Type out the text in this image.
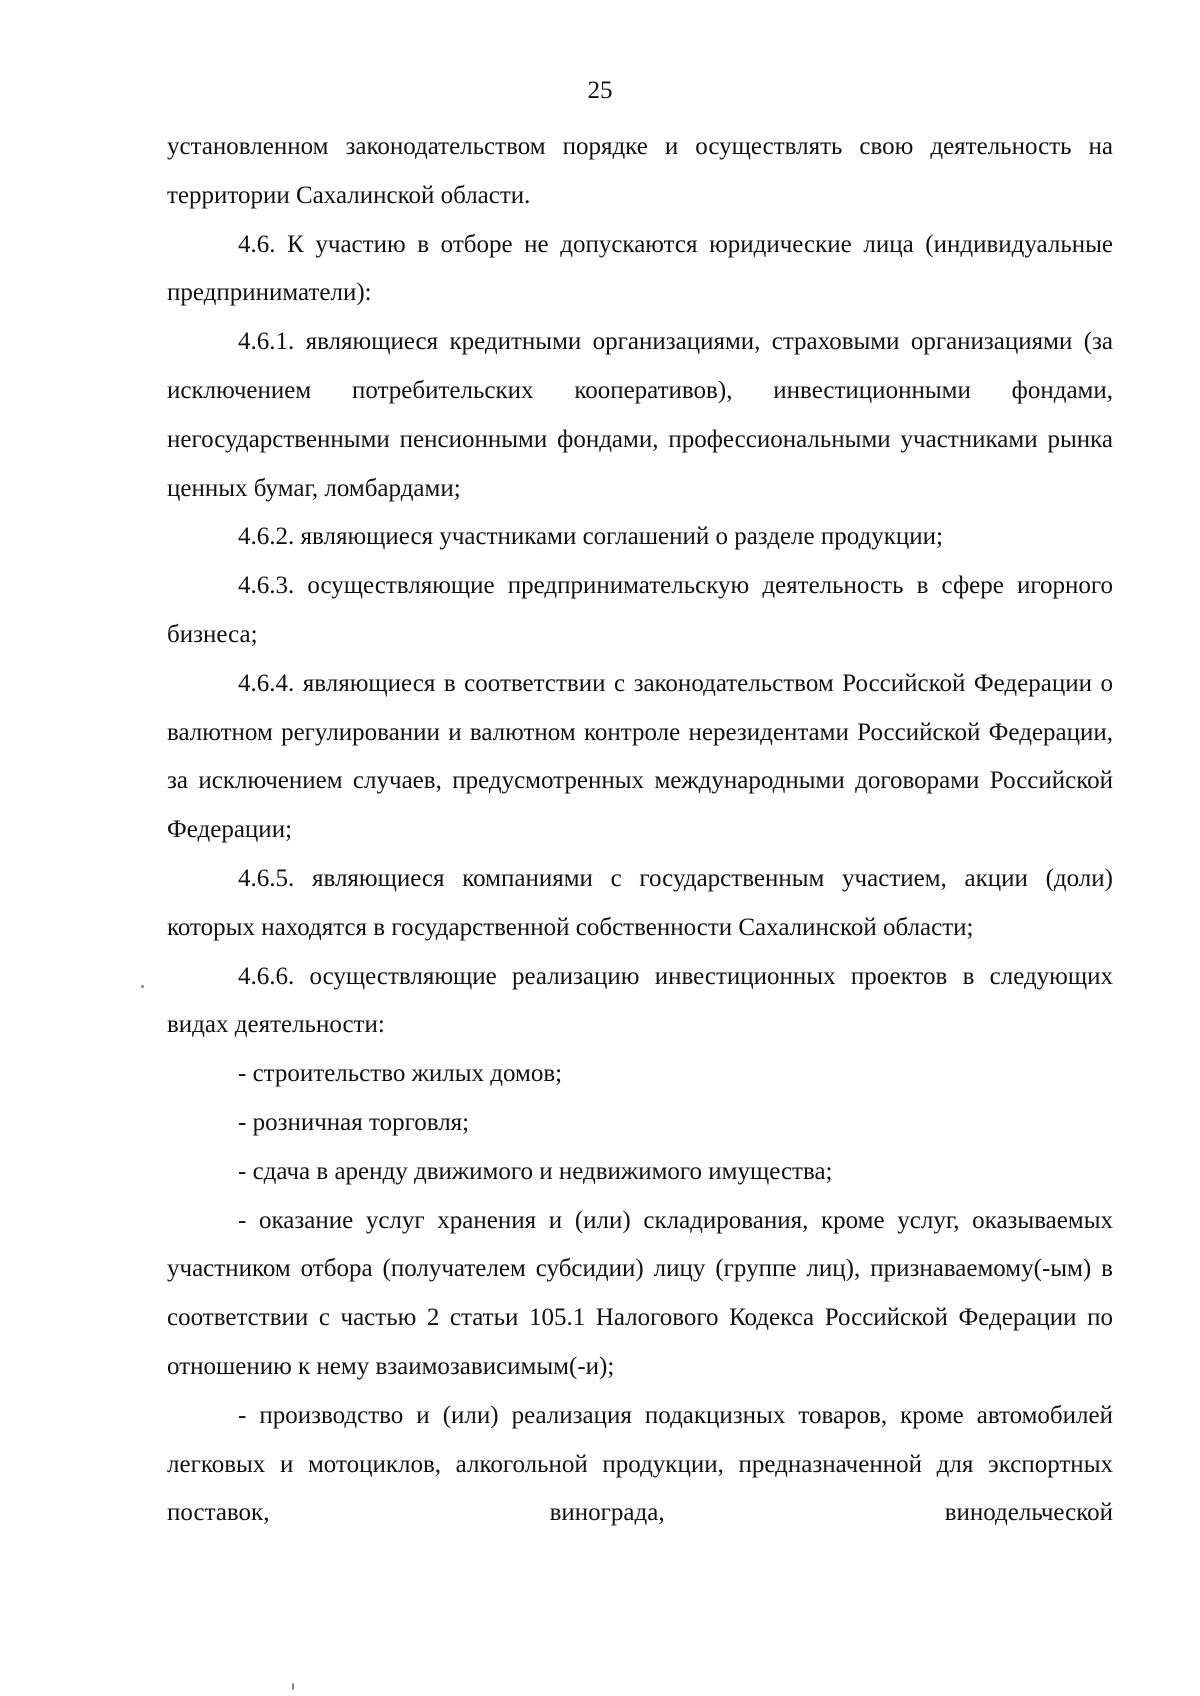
25

установленном законодательством порядке и осуществлять свою деятельность на территории Сахалинской области.

4.6. К участию в отборе не допускаются юридические лица (индивидуальные предприниматели):

4.6.1. являющиеся кредитными организациями, страховыми организациями (за исключением потребительских кооперативов), инвестиционными фондами, негосударственными пенсионными фондами, профессиональными участниками рынка ценных бумаг, ломбардами;

4.6.2. являющиеся участниками соглашений о разделе продукции;

4.6.3. осуществляющие предпринимательскую деятельность в сфере игорного бизнеса;

4.6.4. являющиеся в соответствии с законодательством Российской Федерации о валютном регулировании и валютном контроле нерезидентами Российской Федерации, за исключением случаев, предусмотренных международными договорами Российской Федерации;

4.6.5. являющиеся компаниями с государственным участием, акции (доли) которых находятся в государственной собственности Сахалинской области;

4.6.6. осуществляющие реализацию инвестиционных проектов в следующих видах деятельности:

- строительство жилых домов;

- розничная торговля;

- сдача в аренду движимого и недвижимого имущества;

- оказание услуг хранения и (или) складирования, кроме услуг, оказываемых участником отбора (получателем субсидии) лицу (группе лиц), признаваемому(-ым) в соответствии с частью 2 статьи 105.1 Налогового Кодекса Российской Федерации по отношению к нему взаимозависимым(-и);

- производство и (или) реализация подакцизных товаров, кроме автомобилей легковых и мотоциклов, алкогольной продукции, предназначенной для экспортных поставок, винограда, винодельческой
